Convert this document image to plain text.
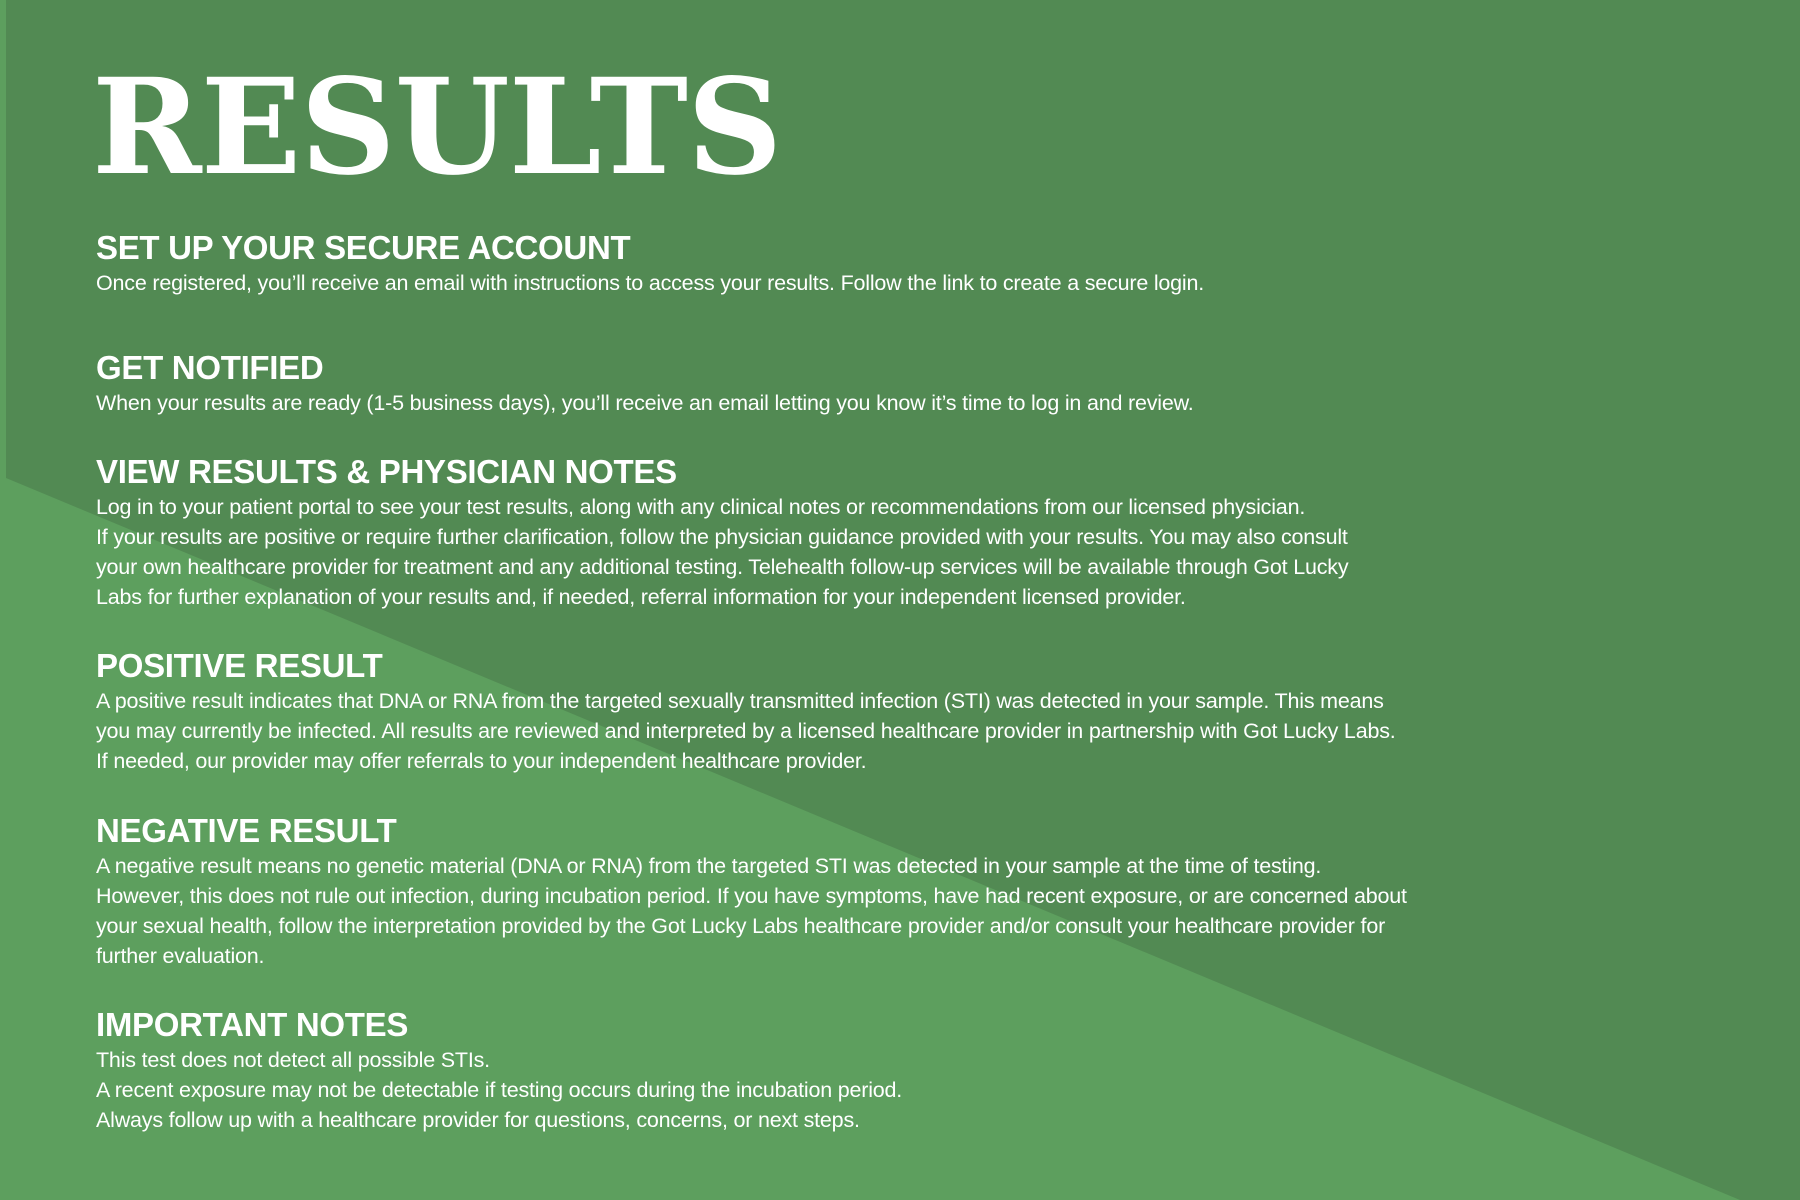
RESULTS
SET UP YOUR SECURE ACCOUNT
Once registered, you’ll receive an email with instructions to access your results. Follow the link to create a secure login.
GET NOTIFIED
When your results are ready (1-5 business days), you’ll receive an email letting you know it’s time to log in and review.
VIEW RESULTS & PHYSICIAN NOTES
Log in to your patient portal to see your test results, along with any clinical notes or recommendations from our licensed physician.
If your results are positive or require further clarification, follow the physician guidance provided with your results. You may also consult
your own healthcare provider for treatment and any additional testing. Telehealth follow-up services will be available through Got Lucky
Labs for further explanation of your results and, if needed, referral information for your independent licensed provider.
POSITIVE RESULT
A positive result indicates that DNA or RNA from the targeted sexually transmitted infection (STI) was detected in your sample. This means
you may currently be infected. All results are reviewed and interpreted by a licensed healthcare provider in partnership with Got Lucky Labs.
If needed, our provider may offer referrals to your independent healthcare provider.
NEGATIVE RESULT
A negative result means no genetic material (DNA or RNA) from the targeted STI was detected in your sample at the time of testing.
However, this does not rule out infection, during incubation period. If you have symptoms, have had recent exposure, or are concerned about
your sexual health, follow the interpretation provided by the Got Lucky Labs healthcare provider and/or consult your healthcare provider for
further evaluation.
IMPORTANT NOTES
This test does not detect all possible STIs.
A recent exposure may not be detectable if testing occurs during the incubation period.
Always follow up with a healthcare provider for questions, concerns, or next steps.
